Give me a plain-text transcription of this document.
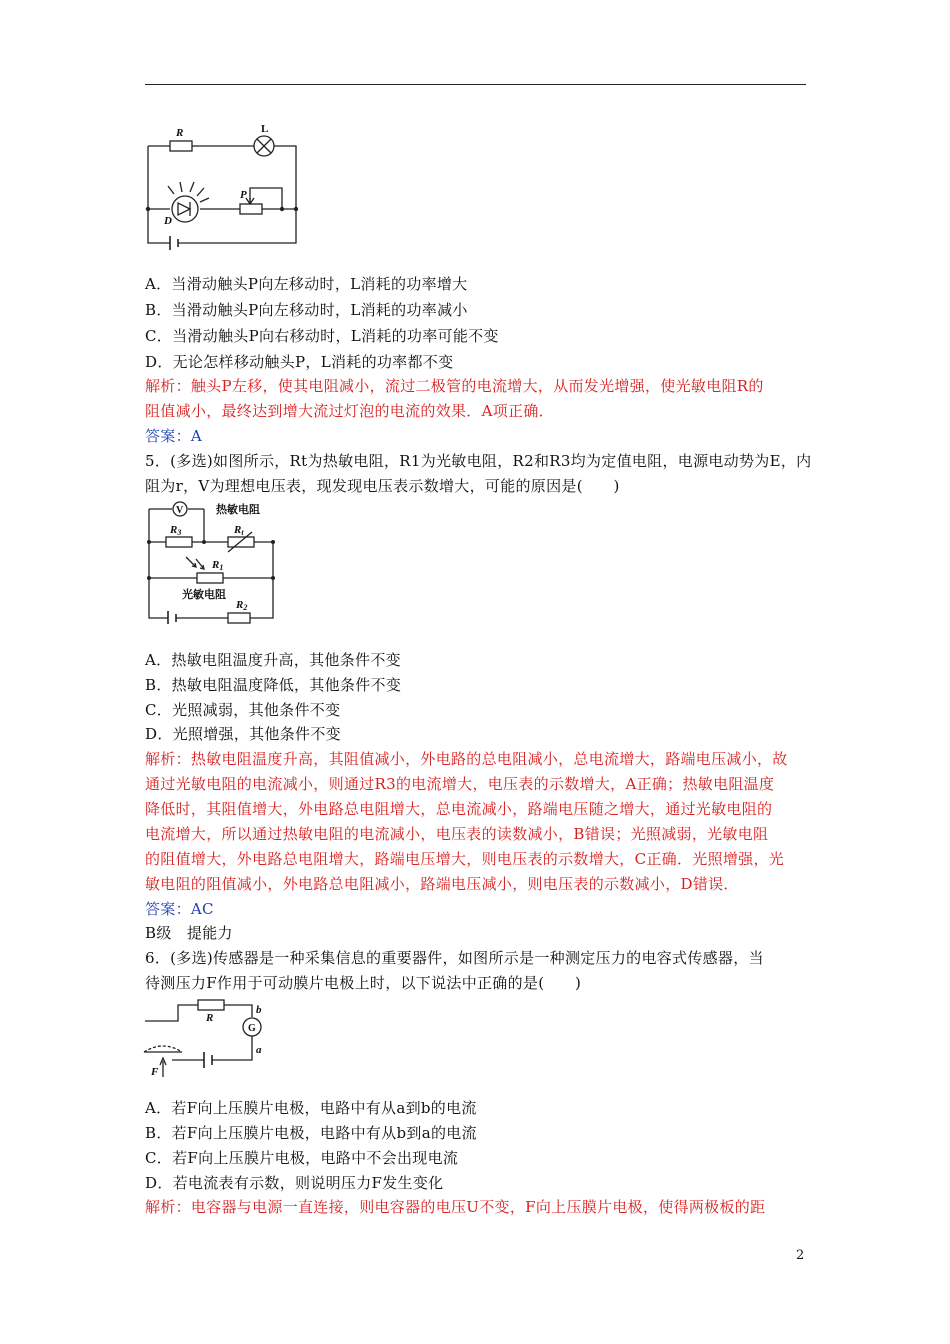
R	L
P
D
A．当滑动触头P向左移动时，L消耗的功率增大
B．当滑动触头P向左移动时，L消耗的功率减小
C．当滑动触头P向右移动时，L消耗的功率可能不变
D．无论怎样移动触头P，L消耗的功率都不变
解析：触头P左移，使其电阻减小，流过二极管的电流增大，从而发光增强，使光敏电阻R的
阻值减小，最终达到增大流过灯泡的电流的效果．A项正确．
答案：A
5．(多选)如图所示，Rt为热敏电阻，R1为光敏电阻，R2和R3均为定值电阻，电源电动势为E，内
阻为r，V为理想电压表，现发现电压表示数增大，可能的原因是(　　)
V	热敏电阻
R3	Rt
R1
光敏电阻
R2
A．热敏电阻温度升高，其他条件不变
B．热敏电阻温度降低，其他条件不变
C．光照减弱，其他条件不变
D．光照增强，其他条件不变
解析：热敏电阻温度升高，其阻值减小，外电路的总电阻减小，总电流增大，路端电压减小，故
通过光敏电阻的电流减小，则通过R3的电流增大，电压表的示数增大，A正确；热敏电阻温度
降低时，其阻值增大，外电路总电阻增大，总电流减小，路端电压随之增大，通过光敏电阻的
电流增大，所以通过热敏电阻的电流减小，电压表的读数减小，B错误；光照减弱，光敏电阻
的阻值增大，外电路总电阻增大，路端电压增大，则电压表的示数增大，C正确．光照增强，光
敏电阻的阻值减小，外电路总电阻减小，路端电压减小，则电压表的示数减小，D错误．
答案：AC
B级　提能力
6．(多选)传感器是一种采集信息的重要器件，如图所示是一种测定压力的电容式传感器，当
待测压力F作用于可动膜片电极上时，以下说法中正确的是(　　)
R
G
b
a
F
A．若F向上压膜片电极，电路中有从a到b的电流
B．若F向上压膜片电极，电路中有从b到a的电流
C．若F向上压膜片电极，电路中不会出现电流
D．若电流表有示数，则说明压力F发生变化
解析：电容器与电源一直连接，则电容器的电压U不变，F向上压膜片电极，使得两极板的距
2
